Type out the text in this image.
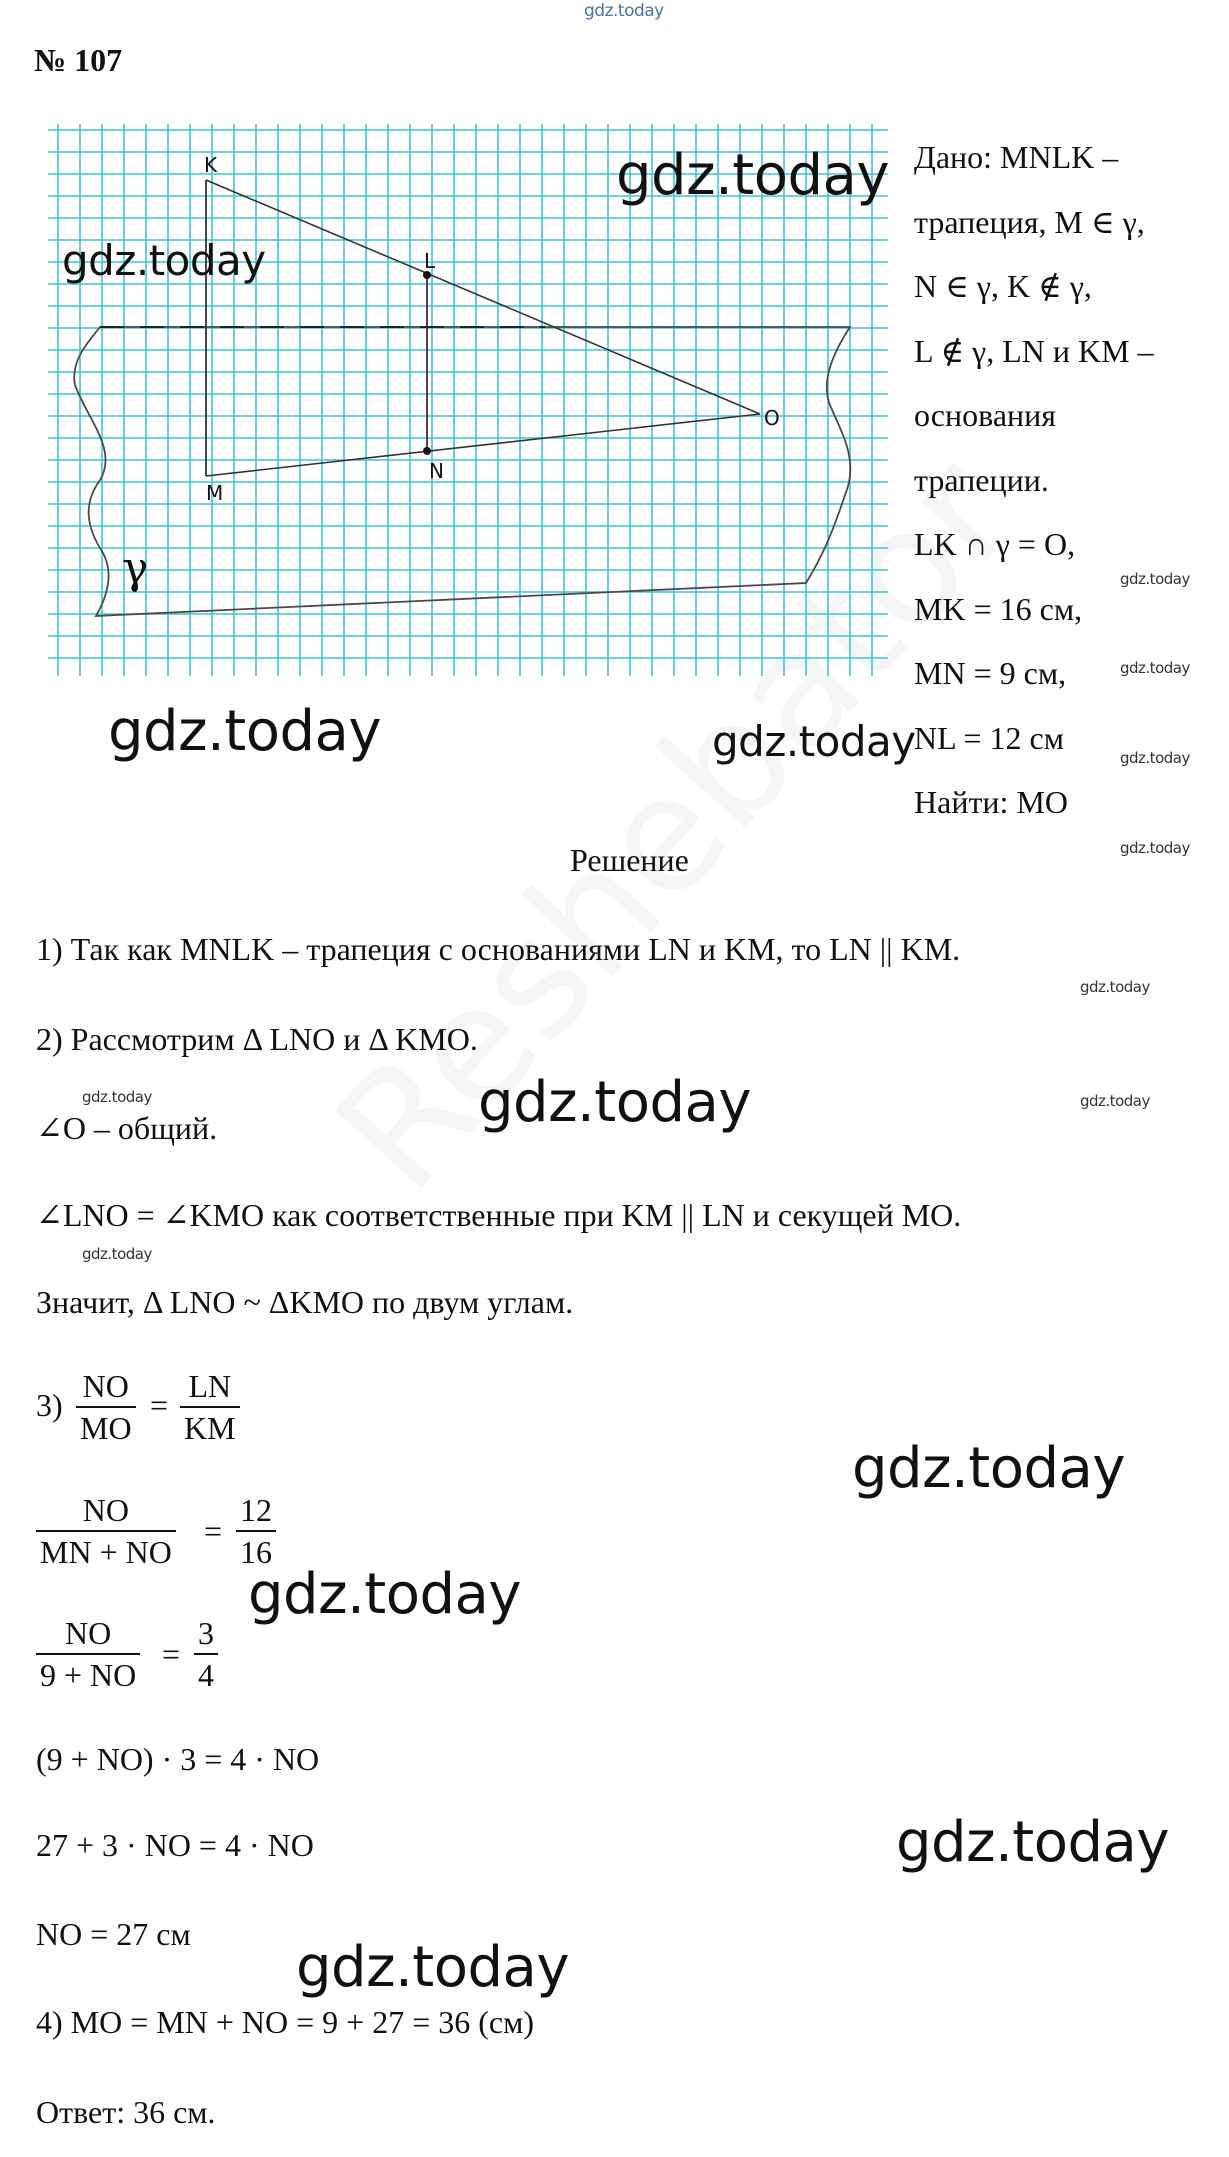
gdz.today
№ 107
K
L
O
M
N
γ
gdz.today
gdz.today
gdz.today	gdz.today
Дано: MNLK –
трапеция, M ∈ γ,
N ∈ γ, K ∉ γ,
L ∉ γ, LN и KM –
основания
трапеции.
LK ∩ γ = O,
MK = 16 см,
MN = 9 см,
NL = 12 см
Найти: MO
gdz.today
gdz.today
gdz.today
gdz.today
Решение
1) Так как MNLK – трапеция с основаниями LN и KM, то LN || KM.
gdz.today
2) Рассмотрим Δ LNO и Δ KMO.
gdz.today	gdz.today	gdz.today
∠O – общий.
∠LNO = ∠KMO как соответственные при KM || LN и секущей MO.
gdz.today
Значит, Δ LNO ~ ΔKMO по двум углам.
$3) \frac{NO}{MO} = \frac{LN}{KM}$
gdz.today
$\frac{NO}{MN + NO} = \frac{12}{16}$
gdz.today
$\frac{NO}{9 + NO} = \frac{3}{4}$
(9 + NO) · 3 = 4 · NO
27 + 3 · NO = 4 · NO	gdz.today
NO = 27 см
gdz.today
4) MO = MN + NO = 9 + 27 = 36 (см)
Ответ: 36 см.
